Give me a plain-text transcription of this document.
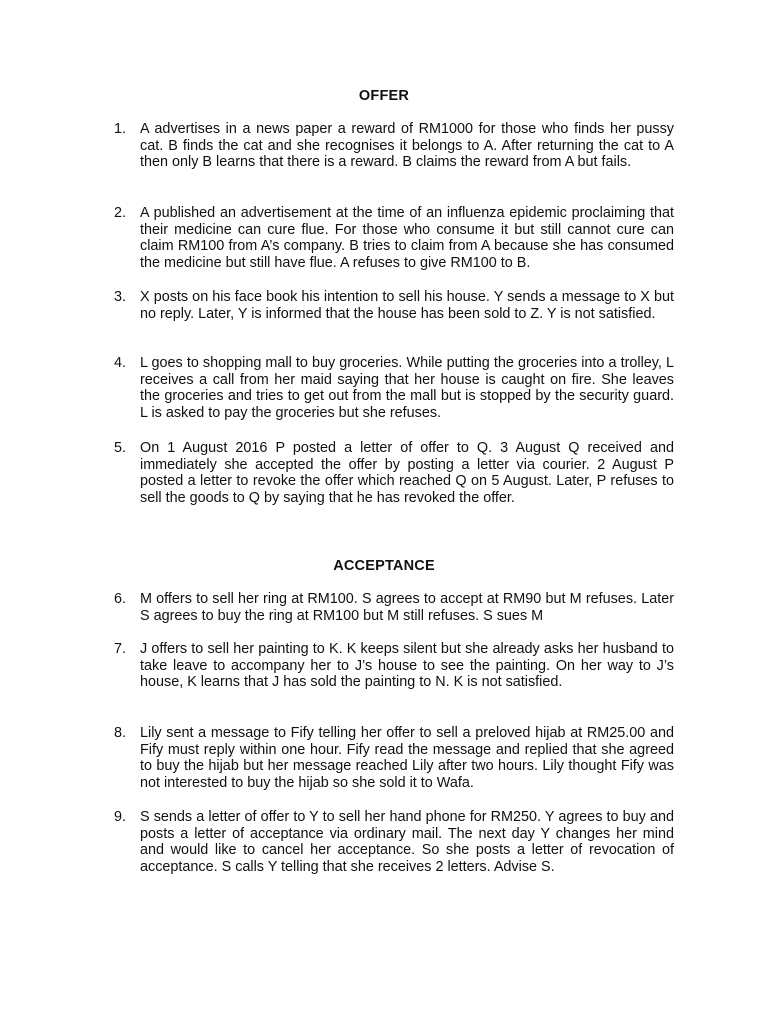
OFFER
1. A advertises in a news paper a reward of RM1000 for those who finds her pussy cat. B finds the cat and she recognises it belongs to A. After returning the cat to A then only B learns that there is a reward. B claims the reward from A but fails.
2. A published an advertisement at the time of an influenza epidemic proclaiming that their medicine can cure flue. For those who consume it but still cannot cure can claim RM100 from A’s company. B tries to claim from A because she has consumed the medicine but still have flue. A refuses to give RM100 to B.
3. X posts on his face book his intention to sell his house. Y sends a message to X but no reply. Later, Y is informed that the house has been sold to Z. Y is not satisfied.
4. L goes to shopping mall to buy groceries. While putting the groceries into a trolley, L receives a call from her maid saying that her house is caught on fire. She leaves the groceries and tries to get out from the mall but is stopped by the security guard. L is asked to pay the groceries but she refuses.
5. On 1 August 2016 P posted a letter of offer to Q. 3 August Q received and immediately she accepted the offer by posting a letter via courier. 2 August P posted a letter to revoke the offer which reached Q on 5 August. Later, P refuses to sell the goods to Q by saying that he has revoked the offer.
ACCEPTANCE
6. M offers to sell her ring at RM100. S agrees to accept at RM90 but M refuses. Later S agrees to buy the ring at RM100 but M still refuses. S sues M
7. J offers to sell her painting to K. K keeps silent but she already asks her husband to take leave to accompany her to J’s house to see the painting. On her way to J’s house, K learns that J has sold the painting to N. K is not satisfied.
8. Lily sent a message to Fify telling her offer to sell a preloved hijab at RM25.00 and Fify must reply within one hour. Fify read the message and replied that she agreed to buy the hijab but her message reached Lily after two hours. Lily thought Fify was not interested to buy the hijab so she sold it to Wafa.
9. S sends a letter of offer to Y to sell her hand phone for RM250. Y agrees to buy and posts a letter of acceptance via ordinary mail. The next day Y changes her mind and would like to cancel her acceptance. So she posts a letter of revocation of acceptance. S calls Y telling that she receives 2 letters. Advise S.
